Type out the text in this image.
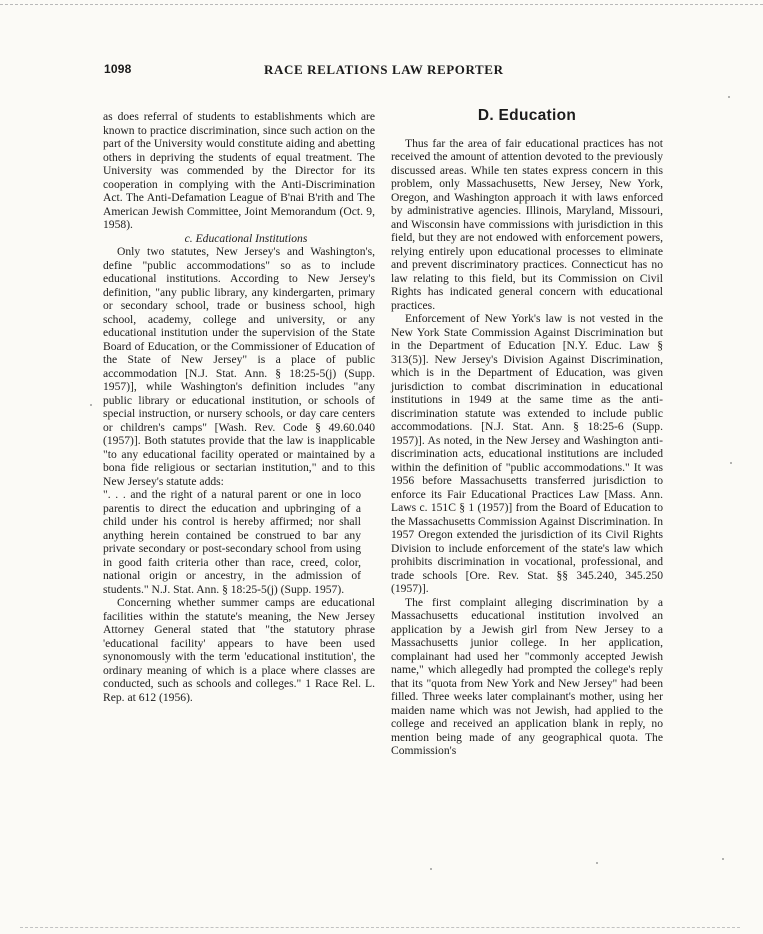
1098	RACE RELATIONS LAW REPORTER

as does referral of students to establishments which are known to practice discrimination, since such action on the part of the University would constitute aiding and abetting others in depriving the students of equal treatment. The University was commended by the Director for its cooperation in complying with the Anti-Discrimination Act. The Anti-Defamation League of B'nai B'rith and The American Jewish Committee, Joint Memorandum (Oct. 9, 1958).

c. Educational Institutions

Only two statutes, New Jersey's and Washington's, define "public accommodations" so as to include educational institutions. According to New Jersey's definition, "any public library, any kindergarten, primary or secondary school, trade or business school, high school, academy, college and university, or any educational institution under the supervision of the State Board of Education, or the Commissioner of Education of the State of New Jersey" is a place of public accommodation [N.J. Stat. Ann. § 18:25-5(j) (Supp. 1957)], while Washington's definition includes "any public library or educational institution, or schools of special instruction, or nursery schools, or day care centers or children's camps" [Wash. Rev. Code § 49.60.040 (1957)]. Both statutes provide that the law is inapplicable "to any educational facility operated or maintained by a bona fide religious or sectarian institution," and to this New Jersey's statute adds:

". . . and the right of a natural parent or one in loco parentis to direct the education and upbringing of a child under his control is hereby affirmed; nor shall anything herein contained be construed to bar any private secondary or post-secondary school from using in good faith criteria other than race, creed, color, national origin or ancestry, in the admission of students." N.J. Stat. Ann. § 18:25-5(j) (Supp. 1957).

Concerning whether summer camps are educational facilities within the statute's meaning, the New Jersey Attorney General stated that "the statutory phrase 'educational facility' appears to have been used synonomously with the term 'educational institution', the ordinary meaning of which is a place where classes are conducted, such as schools and colleges." 1 Race Rel. L. Rep. at 612 (1956).

D. Education

Thus far the area of fair educational practices has not received the amount of attention devoted to the previously discussed areas. While ten states express concern in this problem, only Massachusetts, New Jersey, New York, Oregon, and Washington approach it with laws enforced by administrative agencies. Illinois, Maryland, Missouri, and Wisconsin have commissions with jurisdiction in this field, but they are not endowed with enforcement powers, relying entirely upon educational processes to eliminate and prevent discriminatory practices. Connecticut has no law relating to this field, but its Commission on Civil Rights has indicated general concern with educational practices.

Enforcement of New York's law is not vested in the New York State Commission Against Discrimination but in the Department of Education [N.Y. Educ. Law § 313(5)]. New Jersey's Division Against Discrimination, which is in the Department of Education, was given jurisdiction to combat discrimination in educational institutions in 1949 at the same time as the anti-discrimination statute was extended to include public accommodations. [N.J. Stat. Ann. § 18:25-6 (Supp. 1957)]. As noted, in the New Jersey and Washington anti-discrimination acts, educational institutions are included within the definition of "public accommodations." It was 1956 before Massachusetts transferred jurisdiction to enforce its Fair Educational Practices Law [Mass. Ann. Laws c. 151C § 1 (1957)] from the Board of Education to the Massachusetts Commission Against Discrimination. In 1957 Oregon extended the jurisdiction of its Civil Rights Division to include enforcement of the state's law which prohibits discrimination in vocational, professional, and trade schools [Ore. Rev. Stat. §§ 345.240, 345.250 (1957)].

The first complaint alleging discrimination by a Massachusetts educational institution involved an application by a Jewish girl from New Jersey to a Massachusetts junior college. In her application, complainant had used her "commonly accepted Jewish name," which allegedly had prompted the college's reply that its "quota from New York and New Jersey" had been filled. Three weeks later complainant's mother, using her maiden name which was not Jewish, had applied to the college and received an application blank in reply, no mention being made of any geographical quota. The Commission's
